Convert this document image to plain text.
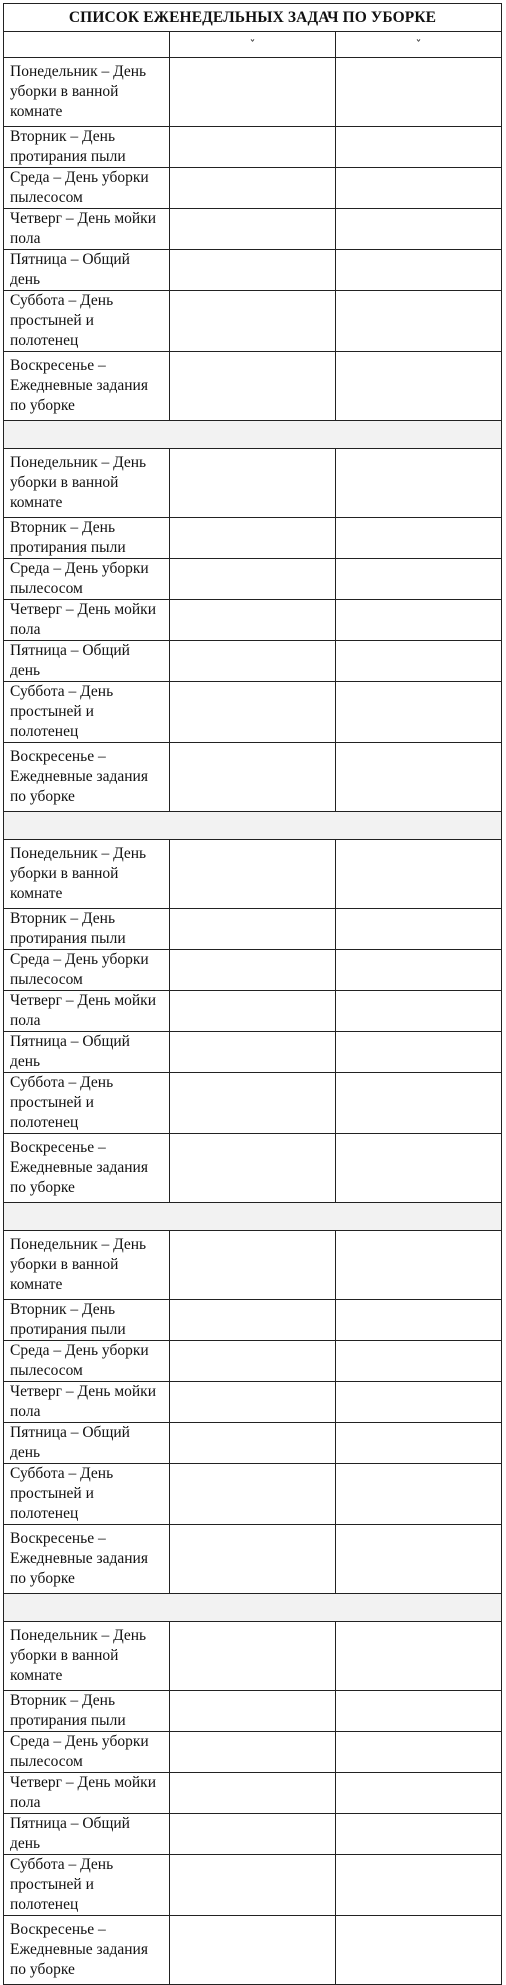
СПИСОК ЕЖЕНЕДЕЛЬНЫХ ЗАДАЧ ПО УБОРКЕ		
	ˇ	ˇ
Понедельник – День уборки в ванной комнате		
Вторник – День протирания пыли		
Среда – День уборки пылесосом		
Четверг – День мойки пола		
Пятница – Общий день		
Суббота – День простыней и полотенец		
Воскресенье – Ежедневные задания по уборке		

Понедельник – День уборки в ванной комнате		
Вторник – День протирания пыли		
Среда – День уборки пылесосом		
Четверг – День мойки пола		
Пятница – Общий день		
Суббота – День простыней и полотенец		
Воскресенье – Ежедневные задания по уборке		

Понедельник – День уборки в ванной комнате		
Вторник – День протирания пыли		
Среда – День уборки пылесосом		
Четверг – День мойки пола		
Пятница – Общий день		
Суббота – День простыней и полотенец		
Воскресенье – Ежедневные задания по уборке		

Понедельник – День уборки в ванной комнате		
Вторник – День протирания пыли		
Среда – День уборки пылесосом		
Четверг – День мойки пола		
Пятница – Общий день		
Суббота – День простыней и полотенец		
Воскресенье – Ежедневные задания по уборке		

Понедельник – День уборки в ванной комнате		
Вторник – День протирания пыли		
Среда – День уборки пылесосом		
Четверг – День мойки пола		
Пятница – Общий день		
Суббота – День простыней и полотенец		
Воскресенье – Ежедневные задания по уборке		
